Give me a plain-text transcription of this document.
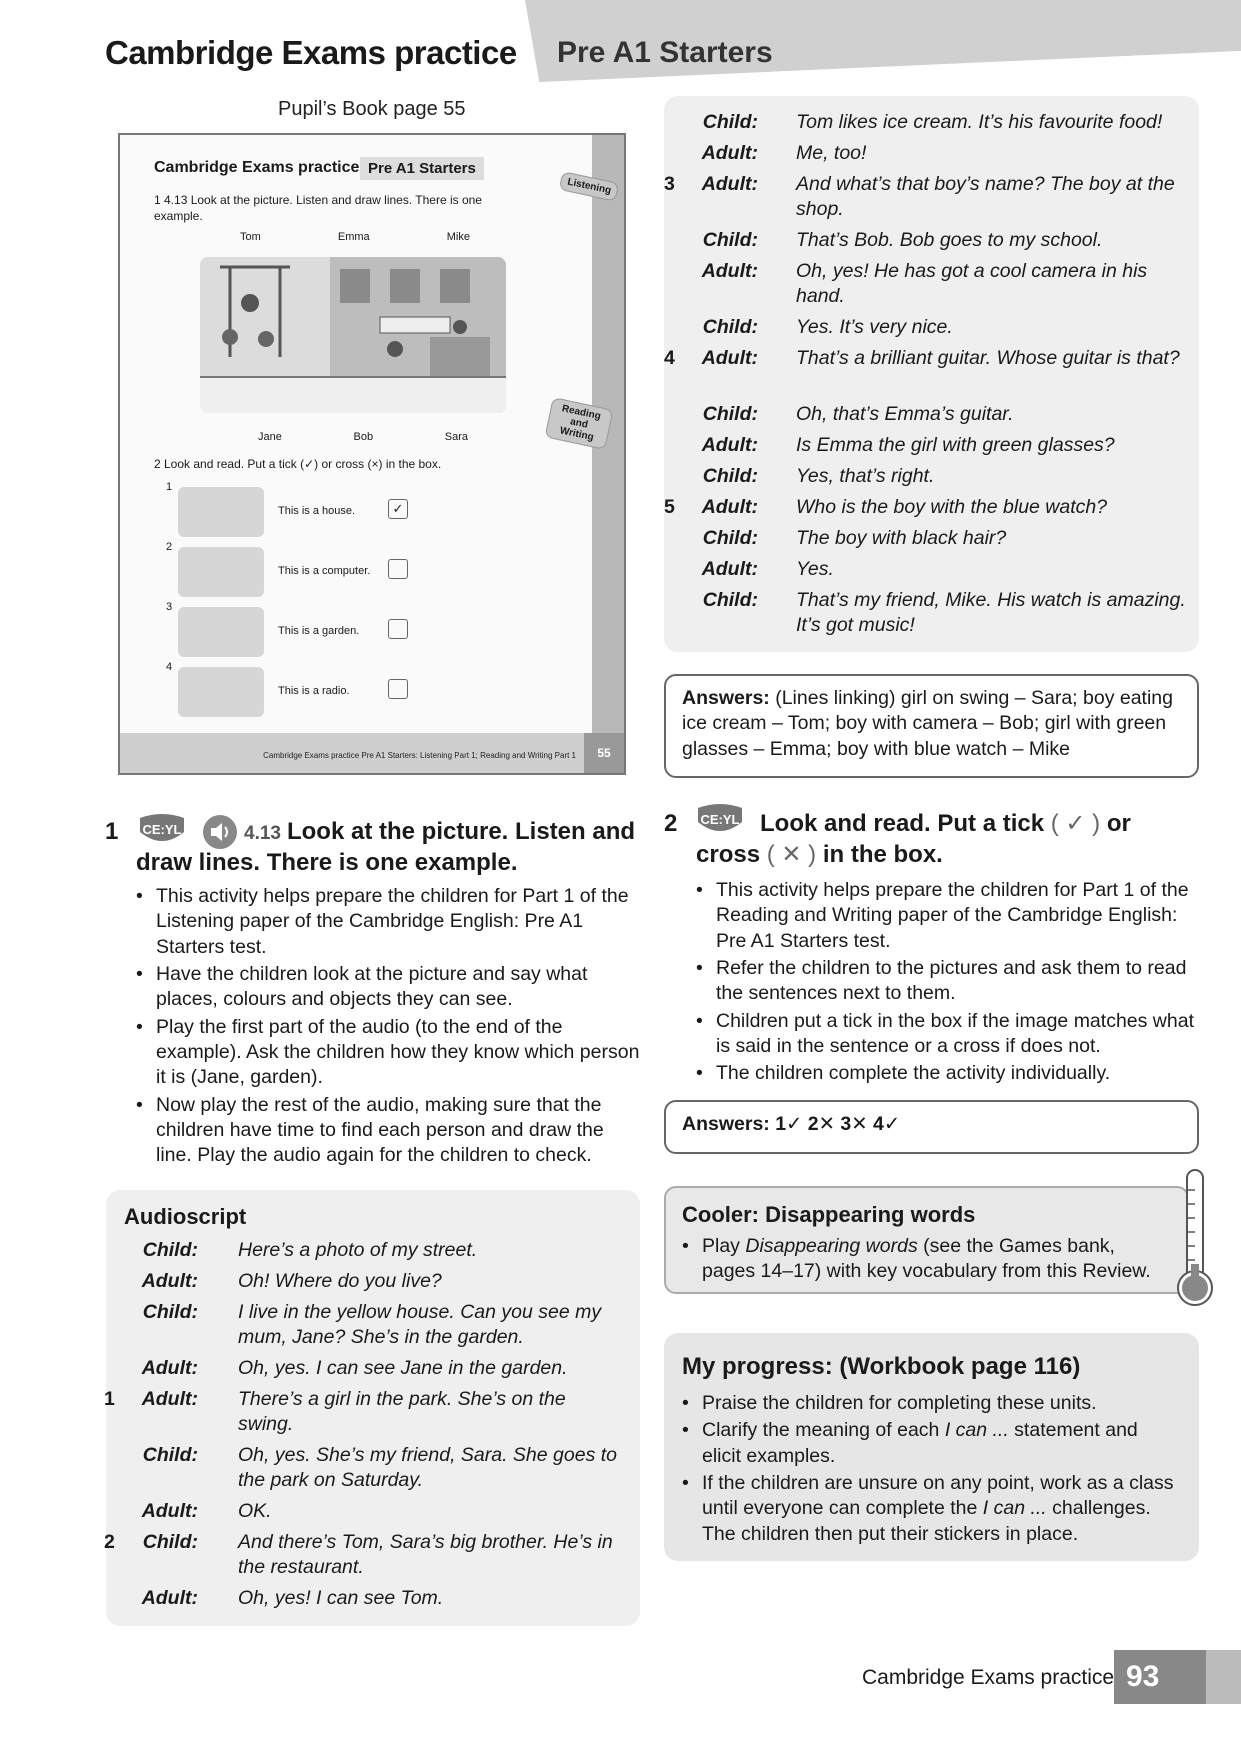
Cambridge Exams practice Pre A1 Starters
Pupil’s Book page 55
Cambridge Exams practice Pre A1 Starters
Listening
Reading and Writing
1 4.13 Look at the picture. Listen and draw lines. There is one example.
Tom	Emma	Mike
Jane	Bob	Sara
2 Look and read. Put a tick (✓) or cross (×) in the box.
1
This is a house.	✓
2
This is a computer.
3
This is a garden.
4
This is a radio.
Cambridge Exams practice Pre A1 Starters: Listening Part 1; Reading and Writing Part 1	55
1 CE:YL	4.13 Look at the picture. Listen and draw lines. There is one example.
• This activity helps prepare the children for Part 1 of the Listening paper of the Cambridge English: Pre A1 Starters test.
• Have the children look at the picture and say what places, colours and objects they can see.
• Play the first part of the audio (to the end of the example). Ask the children how they know which person it is (Jane, garden).
• Now play the rest of the audio, making sure that the children have time to find each person and draw the line. Play the audio again for the children to check.
Audioscript
Child: Here’s a photo of my street.
Adult: Oh! Where do you live?
Child: I live in the yellow house. Can you see my mum, Jane? She’s in the garden.
Adult: Oh, yes. I can see Jane in the garden.
1	Adult: There’s a girl in the park. She’s on the swing.
Child: Oh, yes. She’s my friend, Sara. She goes to the park on Saturday.
Adult: OK.
2	Child: And there’s Tom, Sara’s big brother. He’s in the restaurant.
Adult: Oh, yes! I can see Tom.
Child: Tom likes ice cream. It’s his favourite food!
Adult: Me, too!
3	Adult: And what’s that boy’s name? The boy at the shop.
Child: That’s Bob. Bob goes to my school.
Adult: Oh, yes! He has got a cool camera in his hand.
Child: Yes. It’s very nice.
4	Adult: That’s a brilliant guitar. Whose guitar is that?
Child: Oh, that’s Emma’s guitar.
Adult: Is Emma the girl with green glasses?
Child: Yes, that’s right.
5	Adult: Who is the boy with the blue watch?
Child: The boy with black hair?
Adult: Yes.
Child: That’s my friend, Mike. His watch is amazing. It’s got music!
Answers: (Lines linking) girl on swing – Sara; boy eating ice cream – Tom; boy with camera – Bob; girl with green glasses – Emma; boy with blue watch – Mike
2 CE:YL Look and read. Put a tick ( ✓ ) or cross ( ✕ ) in the box.
• This activity helps prepare the children for Part 1 of the Reading and Writing paper of the Cambridge English: Pre A1 Starters test.
• Refer the children to the pictures and ask them to read the sentences next to them.
• Children put a tick in the box if the image matches what is said in the sentence or a cross if does not.
• The children complete the activity individually.
Answers: 1✓ 2✕ 3✕ 4✓
Cooler: Disappearing words
• Play Disappearing words (see the Games bank, pages 14–17) with key vocabulary from this Review.
My progress: (Workbook page 116)
• Praise the children for completing these units.
• Clarify the meaning of each I can ... statement and elicit examples.
• If the children are unsure on any point, work as a class until everyone can complete the I can ... challenges. The children then put their stickers in place.
Cambridge Exams practice 93
